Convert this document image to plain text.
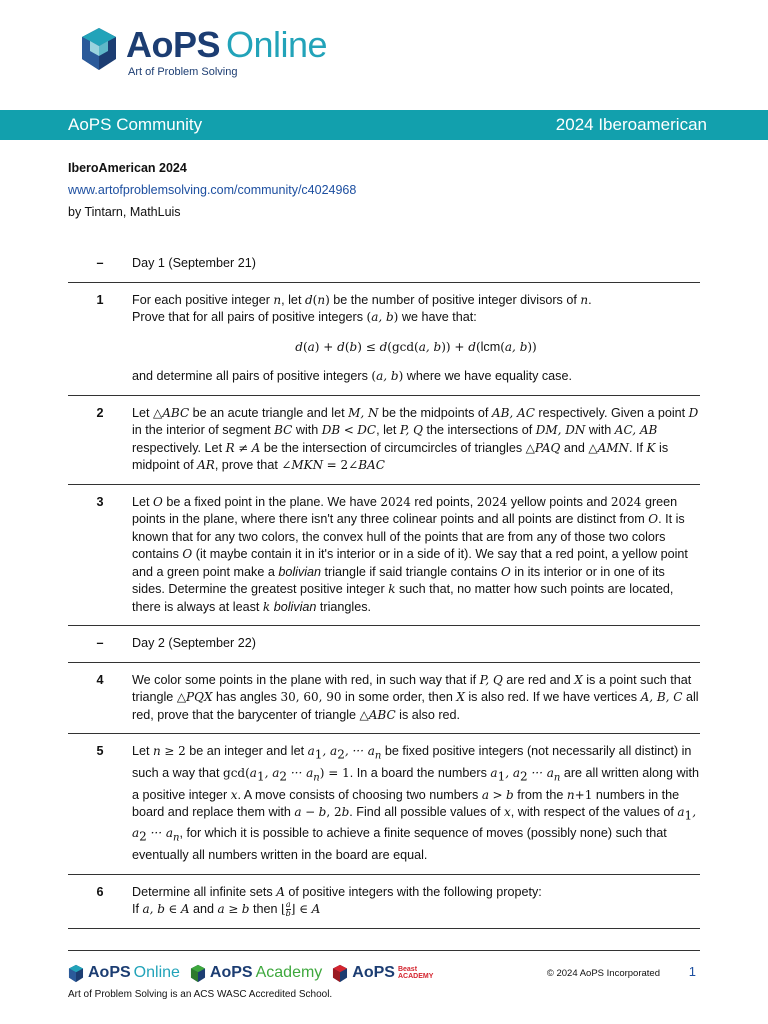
AoPS Online
Art of Problem Solving
AoPS Community	2024 Iberoamerican
IberoAmerican 2024
www.artofproblemsolving.com/community/c4024968
by Tintarn, MathLuis
–	Day 1 (September 21)
1	For each positive integer n, let d(n) be the number of positive integer divisors of n.
Prove that for all pairs of positive integers (a, b) we have that:
d(a) + d(b) ≤ d(gcd(a, b)) + d(lcm(a, b))
and determine all pairs of positive integers (a, b) where we have equality case.
2	Let △ABC be an acute triangle and let M, N be the midpoints of AB, AC respectively. Given a point D in the interior of segment BC with DB < DC, let P, Q the intersections of DM, DN with AC, AB respectively. Let R ≠ A be the intersection of circumcircles of triangles △PAQ and △AMN. If K is midpoint of AR, prove that ∠MKN = 2∠BAC
3	Let O be a fixed point in the plane. We have 2024 red points, 2024 yellow points and 2024 green points in the plane, where there isn't any three colinear points and all points are distinct from O. It is known that for any two colors, the convex hull of the points that are from any of those two colors contains O (it maybe contain it in it's interior or in a side of it). We say that a red point, a yellow point and a green point make a bolivian triangle if said triangle contains O in its interior or in one of its sides. Determine the greatest positive integer k such that, no matter how such points are located, there is always at least k bolivian triangles.
–	Day 2 (September 22)
4	We color some points in the plane with red, in such way that if P, Q are red and X is a point such that triangle △PQX has angles 30, 60, 90 in some order, then X is also red. If we have vertices A, B, C all red, prove that the barycenter of triangle △ABC is also red.
5	Let n ≥ 2 be an integer and let $a_1$, $a_2$, ··· $a_n$ be fixed positive integers (not necessarily all distinct) in such a way that $\gcd(a_1$, $a_2$ ··· $a_n) = 1$. In a board the numbers $a_1$, $a_2$ ··· $a_n$ are all written along with a positive integer x. A move consists of choosing two numbers a > b from the n+1 numbers in the board and replace them with a − b, 2b. Find all possible values of x, with respect of the values of $a_1$, $a_2$ ··· $a_n$, for which it is possible to achieve a finite sequence of moves (possibly none) such that eventually all numbers written in the board are equal.
6	Determine all infinite sets A of positive integers with the following propety:
If a, b ∈ A and a ≥ b then ⌊ $\frac{a}{b}$ ⌋ ∈ A
AoPS Online AoPS Academy AoPS Beast
ACADEMY	© 2024 AoPS Incorporated 1
Art of Problem Solving is an ACS WASC Accredited School.
